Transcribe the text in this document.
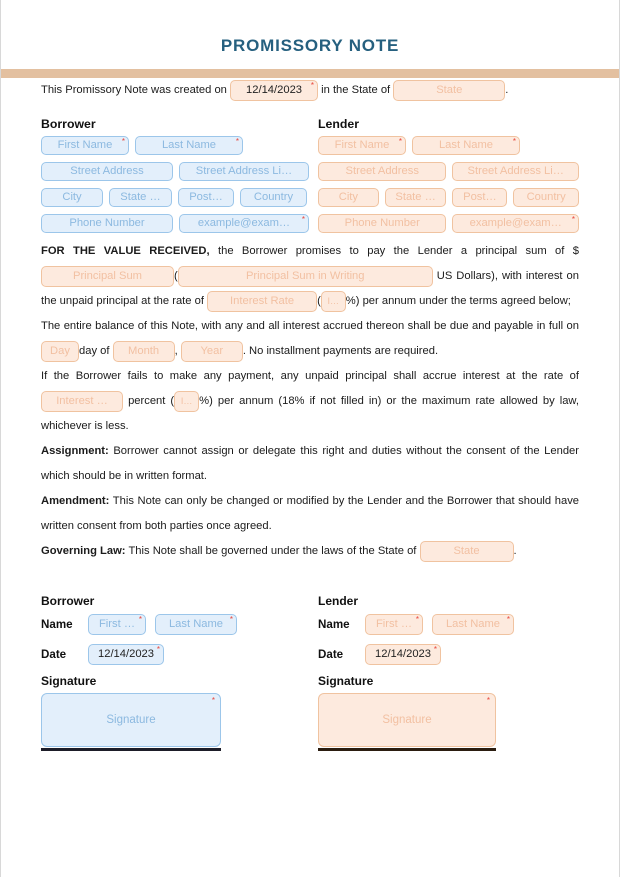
PROMISSORY NOTE

This Promissory Note was created on 12/14/2023 * in the State of	State	.

Borrower
First Name *	Last Name *
Street Address	Street Address Li…
City	State …	Post…	Country
Phone Number	example@exam… *
Lender
First Name *	Last Name *
Street Address	Street Address Li…
City	State …	Post…	Country
Phone Number	example@exam… *

FOR THE VALUE RECEIVED, the Borrower promises to pay the Lender a principal sum of $Principal Sum	(	Principal Sum in Writing	US Dollars), with interest on the unpaid principal at the rate of Interest Rate ( I… %) per annum under the terms agreed below;

The entire balance of this Note, with any and all interest accrued thereon shall be due and payable in full on Day day of Month , Year . No installment payments are required.

If the Borrower fails to make any payment, any unpaid principal shall accrue interest at the rate of Interest … percent ( I… %) per annum (18% if not filled in) or the maximum rate allowed by law, whichever is less.

Assignment: Borrower cannot assign or delegate this right and duties without the consent of the Lender which should be in written format.

Amendment: This Note can only be changed or modified by the Lender and the Borrower that should have written consent from both parties once agreed.

Governing Law: This Note shall be governed under the laws of the State of	State	.

Borrower
Name	First … *	Last Name *
Date	12/14/2023 *
Signature
Signature
*
Lender
Name	First … *	Last Name *
Date	12/14/2023 *
Signature
Signature
*
